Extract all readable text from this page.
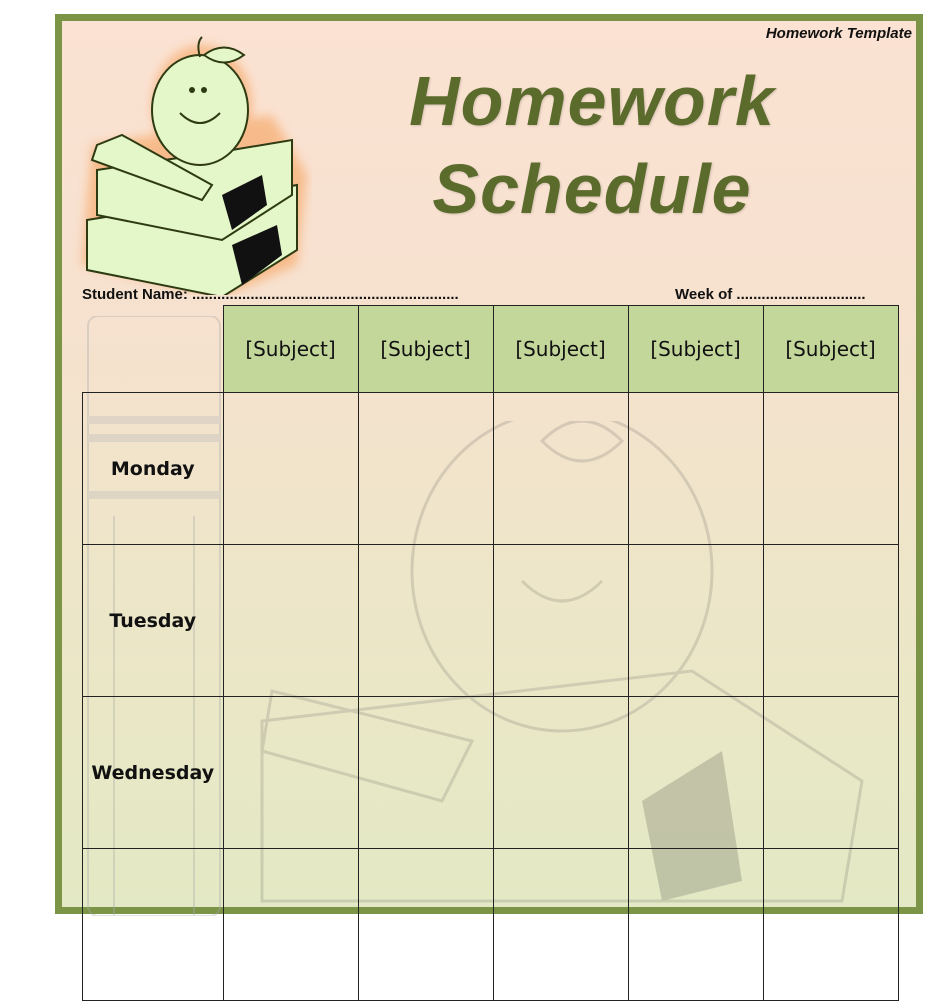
Homework Template
Homework
Schedule
Student Name: ................................................................	Week of ...............................
	[Subject]	[Subject]	[Subject]	[Subject]	[Subject]
Monday					
Tuesday					
Wednesday					
